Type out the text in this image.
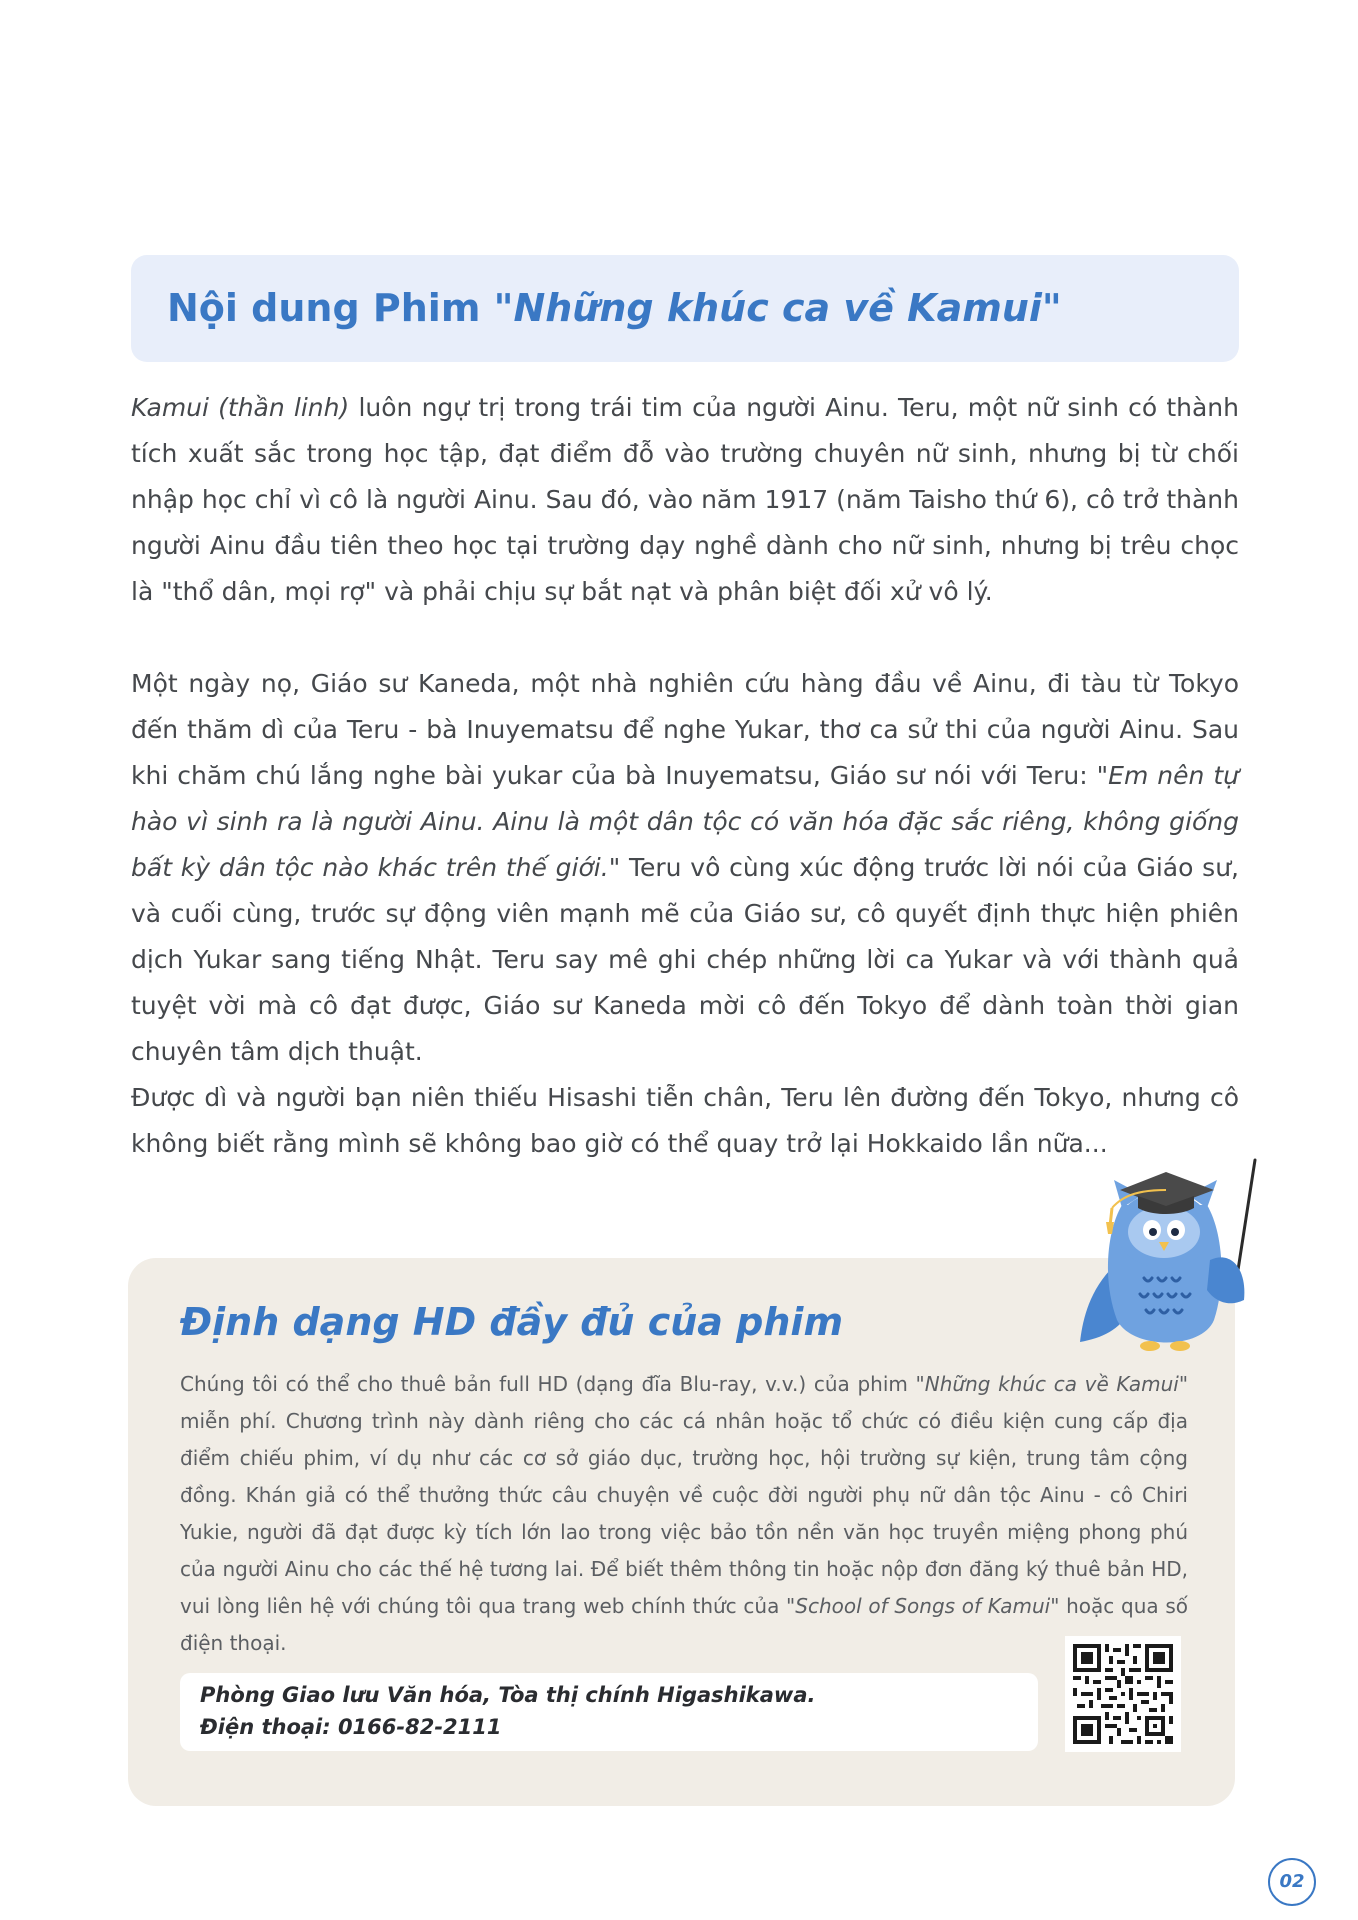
Nội dung Phim "Những khúc ca về Kamui"

Kamui (thần linh) luôn ngự trị trong trái tim của người Ainu. Teru, một nữ sinh có thành tích xuất sắc trong học tập, đạt điểm đỗ vào trường chuyên nữ sinh, nhưng bị từ chối nhập học chỉ vì cô là người Ainu. Sau đó, vào năm 1917 (năm Taisho thứ 6), cô trở thành người Ainu đầu tiên theo học tại trường dạy nghề dành cho nữ sinh, nhưng bị trêu chọc là "thổ dân, mọi rợ" và phải chịu sự bắt nạt và phân biệt đối xử vô lý.

Một ngày nọ, Giáo sư Kaneda, một nhà nghiên cứu hàng đầu về Ainu, đi tàu từ Tokyo đến thăm dì của Teru - bà Inuyematsu để nghe Yukar, thơ ca sử thi của người Ainu. Sau khi chăm chú lắng nghe bài yukar của bà Inuyematsu, Giáo sư nói với Teru: "Em nên tự hào vì sinh ra là người Ainu. Ainu là một dân tộc có văn hóa đặc sắc riêng, không giống bất kỳ dân tộc nào khác trên thế giới." Teru vô cùng xúc động trước lời nói của Giáo sư, và cuối cùng, trước sự động viên mạnh mẽ của Giáo sư, cô quyết định thực hiện phiên dịch Yukar sang tiếng Nhật. Teru say mê ghi chép những lời ca Yukar và với thành quả tuyệt vời mà cô đạt được, Giáo sư Kaneda mời cô đến Tokyo để dành toàn thời gian chuyên tâm dịch thuật.

Được dì và người bạn niên thiếu Hisashi tiễn chân, Teru lên đường đến Tokyo, nhưng cô không biết rằng mình sẽ không bao giờ có thể quay trở lại Hokkaido lần nữa...

Định dạng HD đầy đủ của phim

Chúng tôi có thể cho thuê bản full HD (dạng đĩa Blu-ray, v.v.) của phim "Những khúc ca về Kamui" miễn phí. Chương trình này dành riêng cho các cá nhân hoặc tổ chức có điều kiện cung cấp địa điểm chiếu phim, ví dụ như các cơ sở giáo dục, trường học, hội trường sự kiện, trung tâm cộng đồng. Khán giả có thể thưởng thức câu chuyện về cuộc đời người phụ nữ dân tộc Ainu - cô Chiri Yukie, người đã đạt được kỳ tích lớn lao trong việc bảo tồn nền văn học truyền miệng phong phú của người Ainu cho các thế hệ tương lai. Để biết thêm thông tin hoặc nộp đơn đăng ký thuê bản HD, vui lòng liên hệ với chúng tôi qua trang web chính thức của "School of Songs of Kamui" hoặc qua số điện thoại.

Phòng Giao lưu Văn hóa, Tòa thị chính Higashikawa.
Điện thoại: 0166-82-2111
02
